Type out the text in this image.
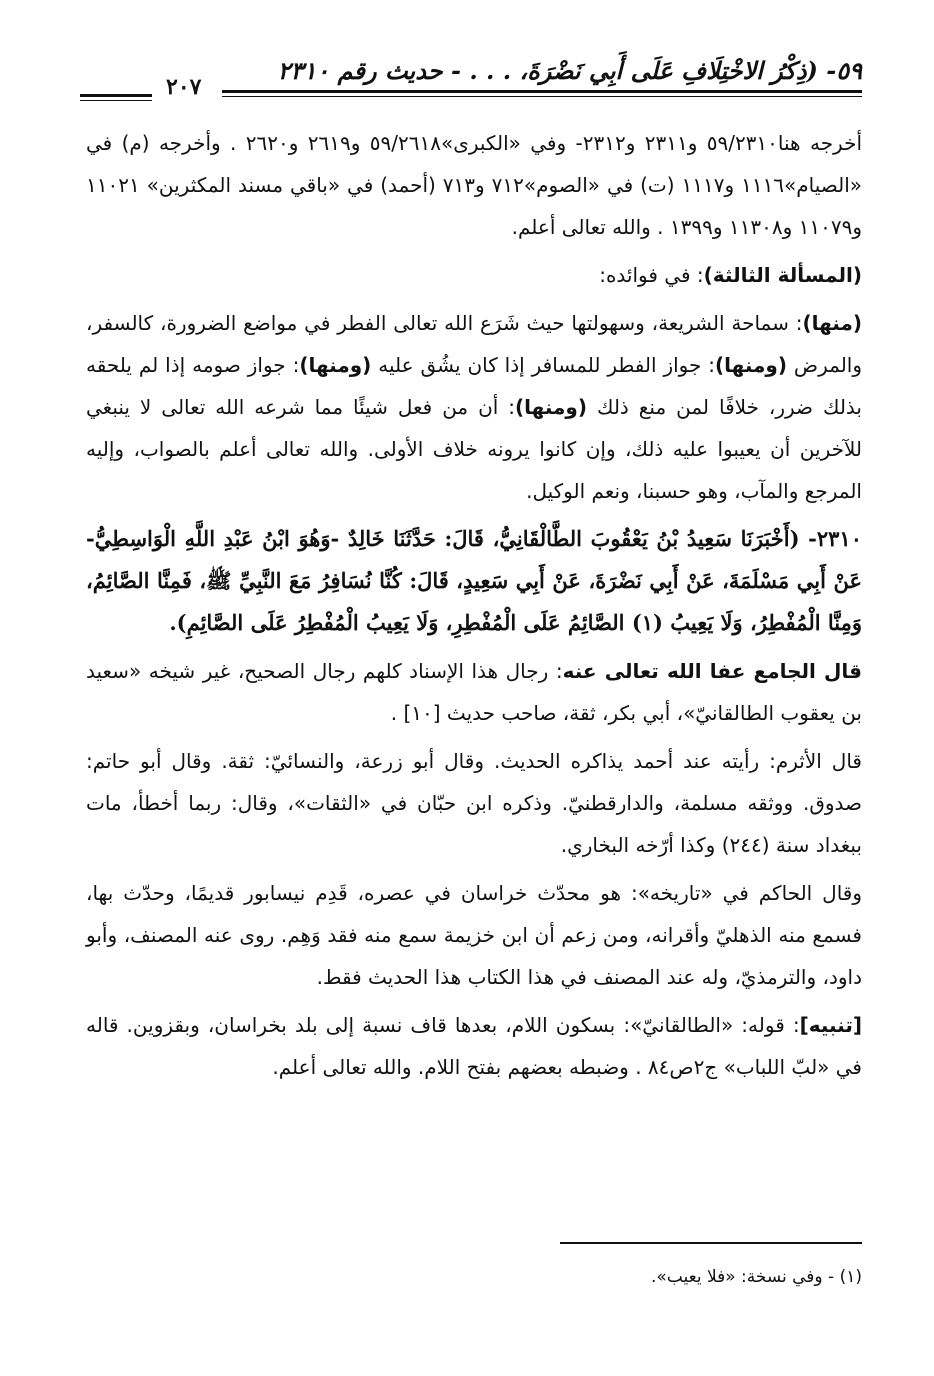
٥٩- (ذِكْرُ الاخْتِلَافِ عَلَى أَبِي نَضْرَةَ، . . . - حديث رقم ٢٣١٠
٢٠٧

أخرجه هنا٥٩/٢٣١٠ و٢٣١١ و٢٣١٢- وفي «الكبرى»٥٩/٢٦١٨ و٢٦١٩ و٢٦٢٠ . وأخرجه (م) في «الصيام»١١١٦ و١١١٧ (ت) في «الصوم»٧١٢ و٧١٣ (أحمد) في «باقي مسند المكثرين» ١١٠٢١ و١١٠٧٩ و١١٣٠٨ و١٣٩٩ . والله تعالى أعلم.

(المسألة الثالثة): في فوائده:

(منها): سماحة الشريعة، وسهولتها حيث شَرَع الله تعالى الفطر في مواضع الضرورة، كالسفر، والمرض (ومنها): جواز الفطر للمسافر إذا كان يشُق عليه (ومنها): جواز صومه إذا لم يلحقه بذلك ضرر، خلافًا لمن منع ذلك (ومنها): أن من فعل شيئًا مما شرعه الله تعالى لا ينبغي للآخرين أن يعيبوا عليه ذلك، وإن كانوا يرونه خلاف الأولى. والله تعالى أعلم بالصواب، وإليه المرجع والمآب، وهو حسبنا، ونعم الوكيل.

٢٣١٠- (أَخْبَرَنَا سَعِيدُ بْنُ يَعْقُوبَ الطَّالْقَانِيُّ، قَالَ: حَدَّثَنَا خَالِدٌ -وَهُوَ ابْنُ عَبْدِ اللَّهِ الْوَاسِطِيُّ- عَنْ أَبِي مَسْلَمَةَ، عَنْ أَبِي نَضْرَةَ، عَنْ أَبِي سَعِيدٍ، قَالَ: كُنَّا نُسَافِرُ مَعَ النَّبِيِّ ﷺ، فَمِنَّا الصَّائِمُ، وَمِنَّا الْمُفْطِرُ، وَلَا يَعِيبُ (١) الصَّائِمُ عَلَى الْمُفْطِرِ، وَلَا يَعِيبُ الْمُفْطِرُ عَلَى الصَّائِمِ).

قال الجامع عفا الله تعالى عنه: رجال هذا الإسناد كلهم رجال الصحيح، غير شيخه «سعيد بن يعقوب الطالقانيّ»، أبي بكر، ثقة، صاحب حديث [١٠] .

قال الأثرم: رأيته عند أحمد يذاكره الحديث. وقال أبو زرعة، والنسائيّ: ثقة. وقال أبو حاتم: صدوق. ووثقه مسلمة، والدارقطنيّ. وذكره ابن حبّان في «الثقات»، وقال: ربما أخطأ، مات ببغداد سنة (٢٤٤) وكذا أرّخه البخاري.

وقال الحاكم في «تاريخه»: هو محدّث خراسان في عصره، قَدِم نيسابور قديمًا، وحدّث بها، فسمع منه الذهليّ وأقرانه، ومن زعم أن ابن خزيمة سمع منه فقد وَهِم. روى عنه المصنف، وأبو داود، والترمذيّ، وله عند المصنف في هذا الكتاب هذا الحديث فقط.

[تنبيه]: قوله: «الطالقانيّ»: بسكون اللام، بعدها قاف نسبة إلى بلد بخراسان، وبقزوين. قاله في «لبّ اللباب» ج٢ص٨٤ . وضبطه بعضهم بفتح اللام. والله تعالى أعلم.

(١) - وفي نسخة: «فلا يعيب».
